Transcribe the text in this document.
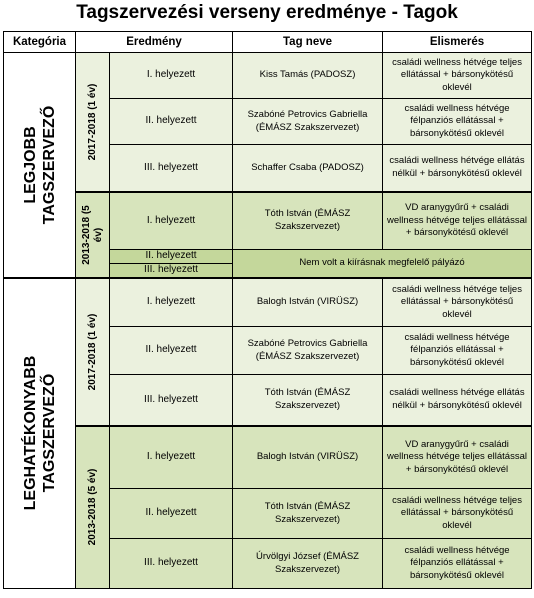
Tagszervezési verseny eredménye - Tagok
Kategória	Eredmény		Tag neve	Elismerés

LEGJOBB TAGSZERVEZŐ	2017-2018 (1 év)	I. helyezett	Kiss Tamás (PADOSZ)	családi wellness hétvége teljes ellátással + bársonykötésű oklevél
		II. helyezett	Szabóné Petrovics Gabriella (ÉMÁSZ Szakszervezet)	családi wellness hétvége félpanziós ellátással + bársonykötésű oklevél
		III. helyezett	Schaffer Csaba (PADOSZ)	családi wellness hétvége ellátás nélkül + bársonykötésű oklevél

	2013-2018 (5 év)	I. helyezett	Tóth István (ÉMÁSZ Szakszervezet)	VD aranygyűrű + családi wellness hétvége teljes ellátással + bársonykötésű oklevél
		II. helyezett	Nem volt a kiírásnak megfelelő pályázó	
		III. helyezett		

LEGHATÉKONYABB TAGSZERVEZŐ	2017-2018 (1 év)	I. helyezett	Balogh István (VIRÜSZ)	családi wellness hétvége teljes ellátással + bársonykötésű oklevél
		II. helyezett	Szabóné Petrovics Gabriella (ÉMÁSZ Szakszervezet)	családi wellness hétvége félpanziós ellátással + bársonykötésű oklevél
		III. helyezett	Tóth István (ÉMÁSZ Szakszervezet)	családi wellness hétvége ellátás nélkül + bársonykötésű oklevél

	2013-2018 (5 év)	I. helyezett	Balogh István (VIRÜSZ)	VD aranygyűrű + családi wellness hétvége teljes ellátással + bársonykötésű oklevél
		II. helyezett	Tóth István (ÉMÁSZ Szakszervezet)	családi wellness hétvége teljes ellátással + bársonykötésű oklevél
		III. helyezett	Úrvölgyi József (ÉMÁSZ Szakszervezet)	családi wellness hétvége félpanziós ellátással + bársonykötésű oklevél
